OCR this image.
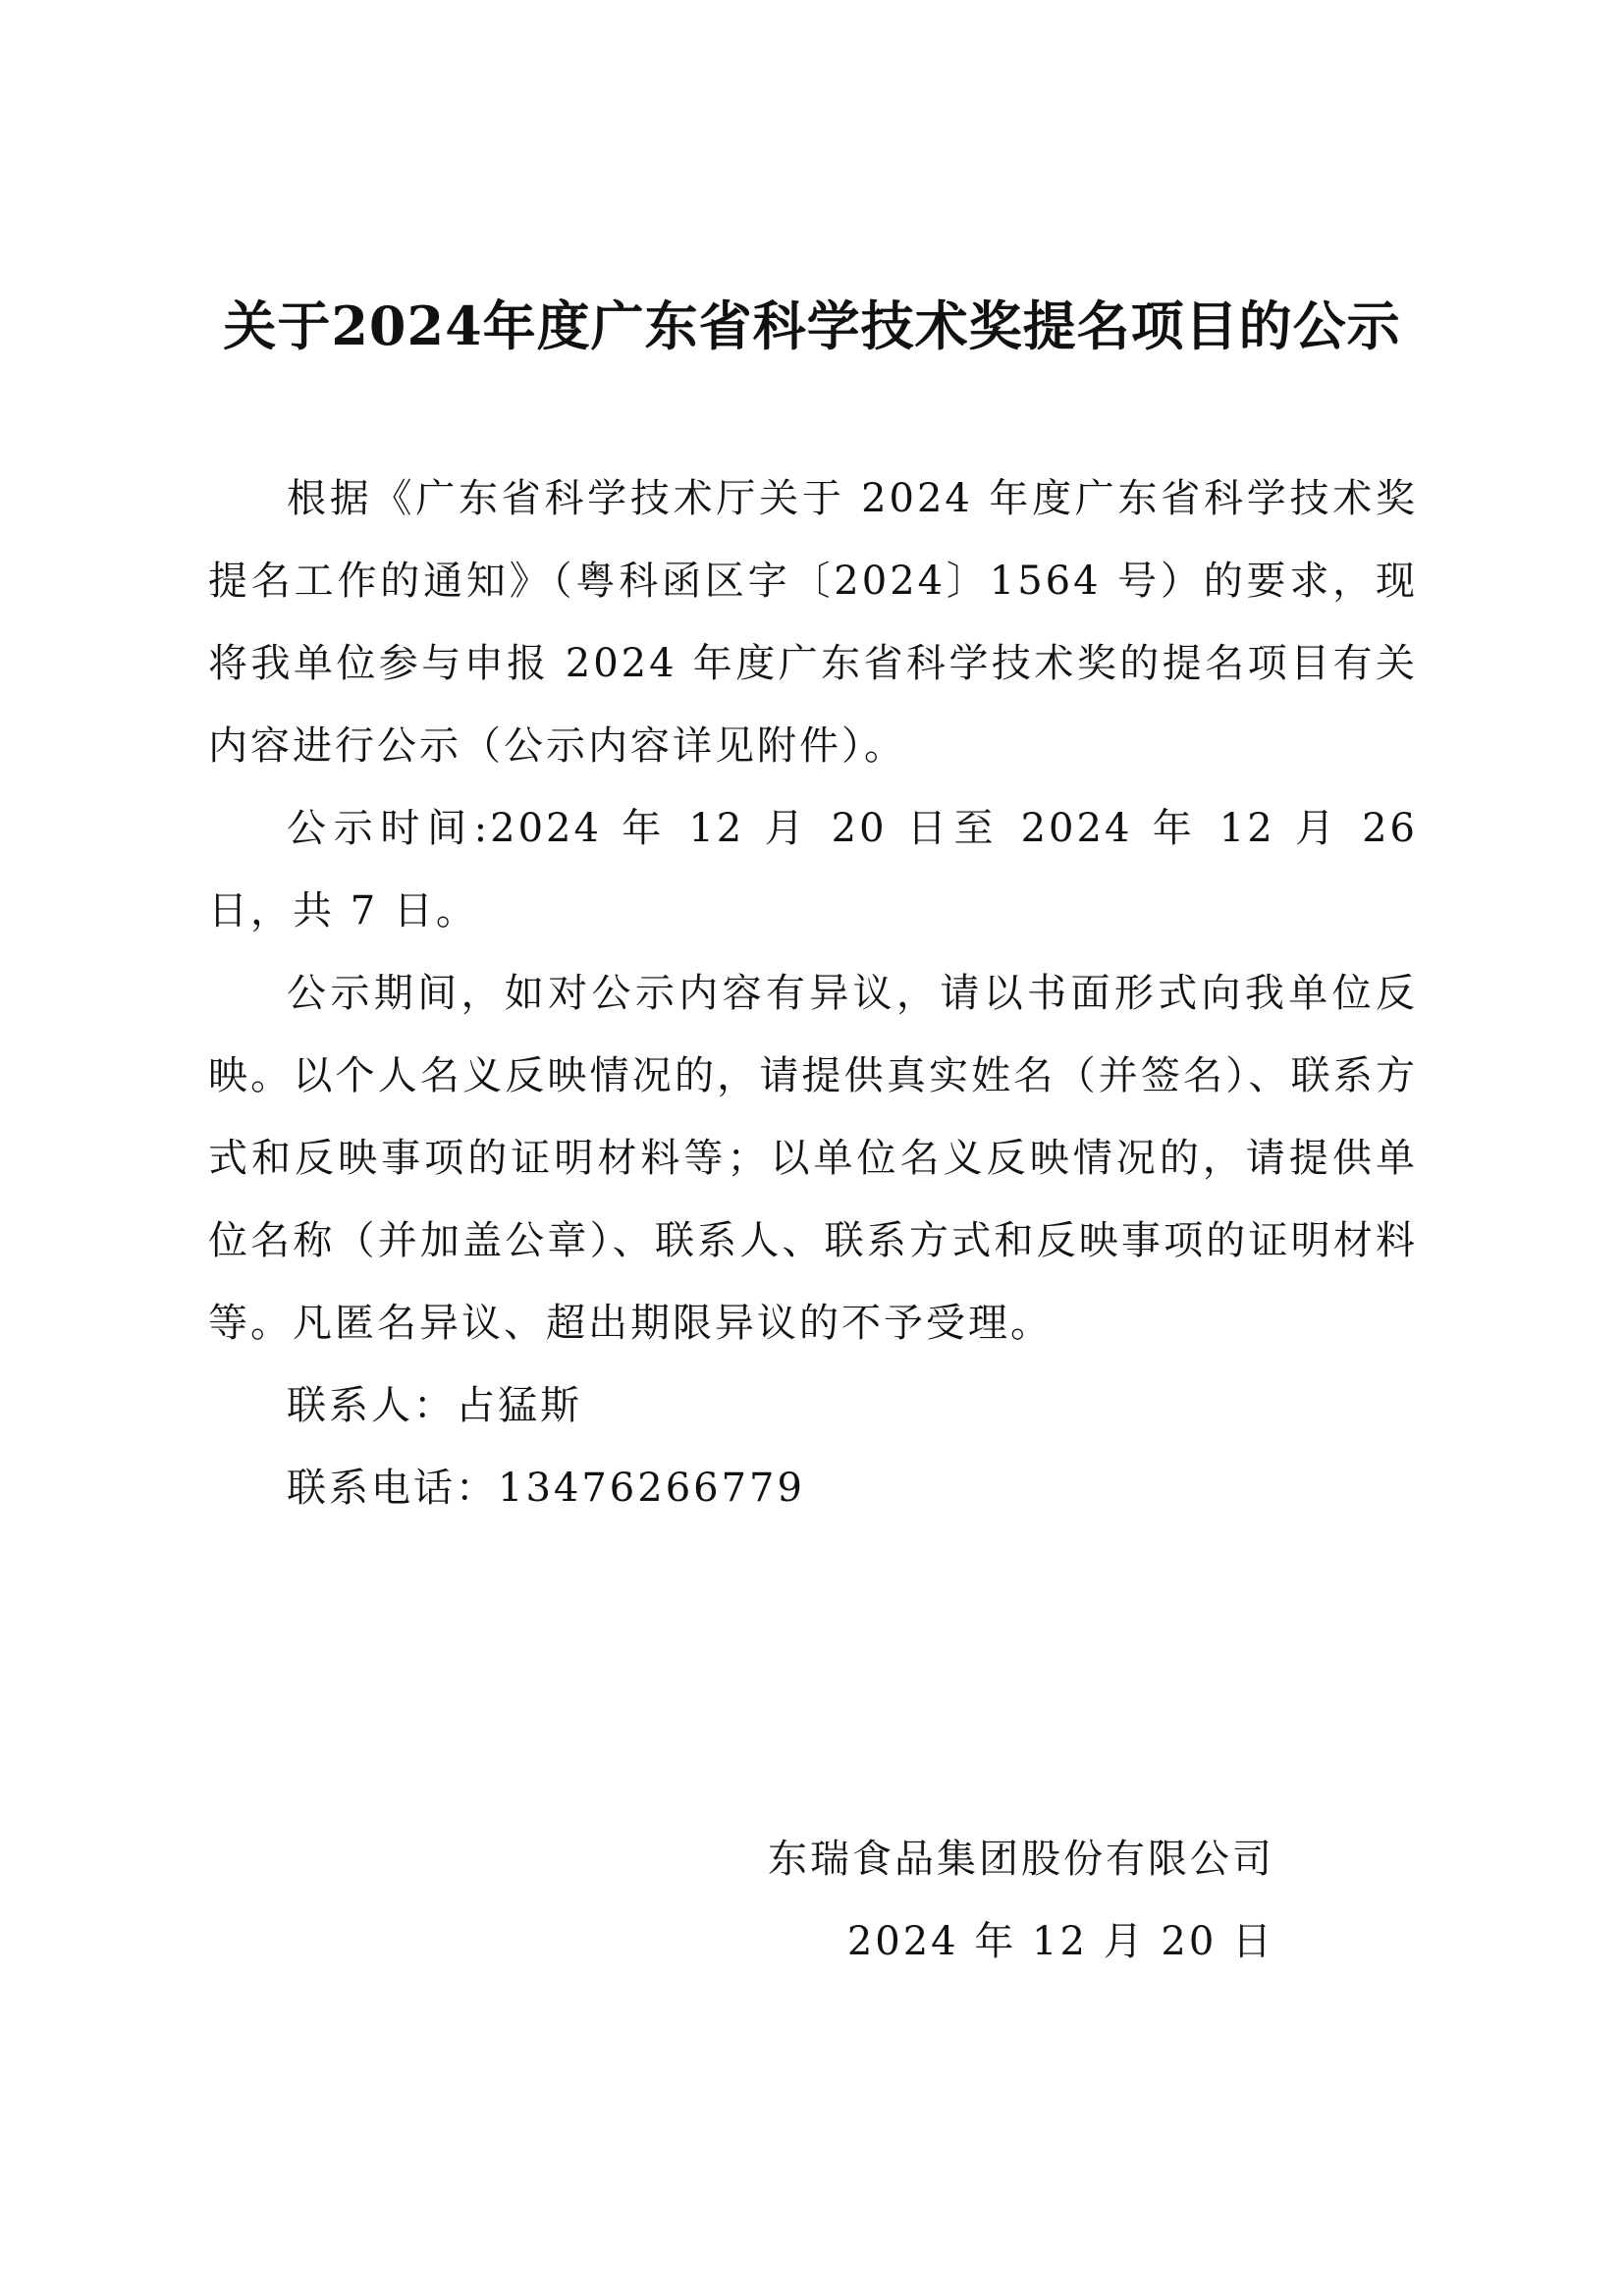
关于2024年度广东省科学技术奖提名项目的公示

根据《广东省科学技术厅关于 2024 年度广东省科学技术奖提名工作的通知》（粤科函区字〔2024〕1564 号）的要求，现将我单位参与申报 2024 年度广东省科学技术奖的提名项目有关内容进行公示（公示内容详见附件）。

公示时间:2024 年 12 月 20 日至 2024 年 12 月 26 日，共 7 日。

公示期间，如对公示内容有异议，请以书面形式向我单位反映。以个人名义反映情况的，请提供真实姓名（并签名）、联系方式和反映事项的证明材料等；以单位名义反映情况的，请提供单位名称（并加盖公章）、联系人、联系方式和反映事项的证明材料等。凡匿名异议、超出期限异议的不予受理。

联系人：占猛斯

联系电话：13476266779

东瑞食品集团股份有限公司
2024 年 12 月 20 日
